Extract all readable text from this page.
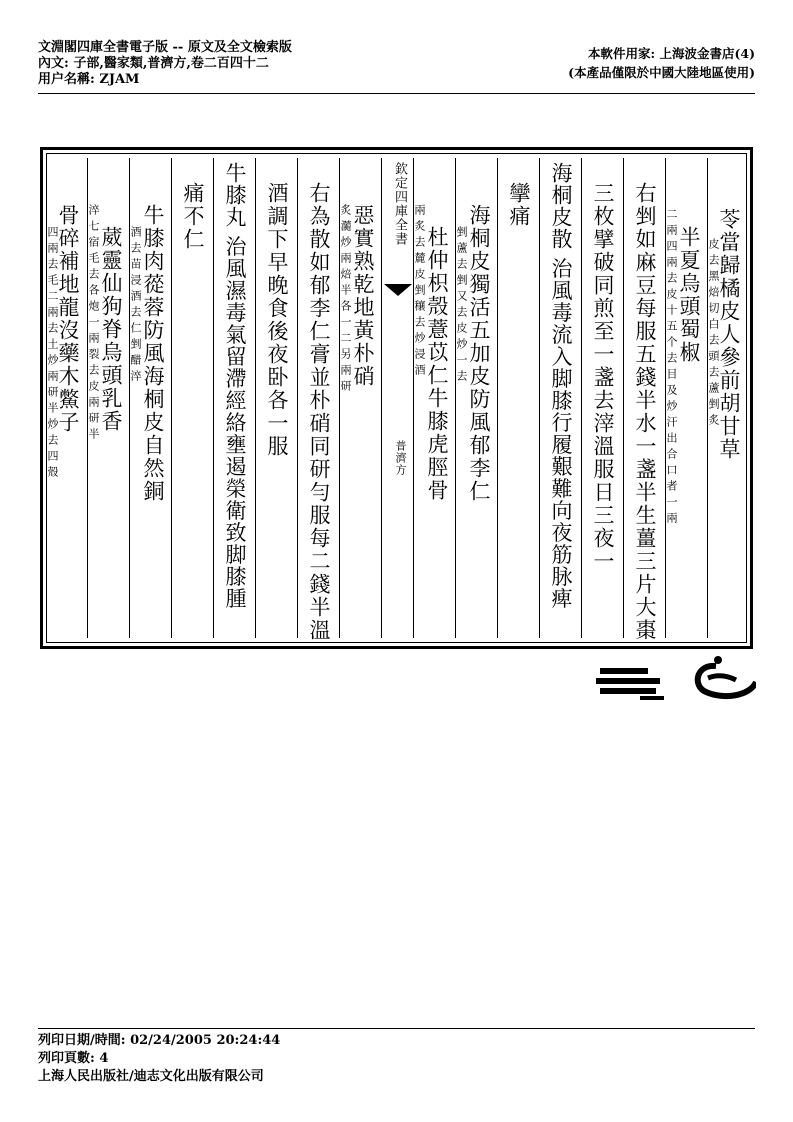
文淵閣四庫全書電子版 -- 原文及全文檢索版
內文: 子部,醫家類,普濟方,卷二百四十二
用户名稱: ZJAM
本軟件用家: 上海波金書店(4)
(本產品僅限於中國大陸地區使用)
苓當歸橘皮人參前胡甘草
皮去黑焙切白去頭去蘆剉炙
半夏烏頭蜀椒
二兩四兩去皮十五个去目及炒汗出合口者一兩
右剉如麻豆每服五錢半水一盞半生薑三片大棗
三枚擘破同煎至一盞去滓溫服日三夜一
海桐皮散 治風毒流入脚膝行履艱難向夜筋脉痺
攣痛
海桐皮獨活五加皮防風郁李仁
剉蘆去剉又去皮炒一去
杜仲枳殼薏苡仁牛膝虎脛骨
兩炙去麓皮剉穰去炒浸酒
欽定四庫全書
普濟方
惡實熟乾地黃朴硝
炙瀡炒兩焙半各一二另兩研
右為散如郁李仁膏並朴硝同研勻服每二錢半溫
酒調下早晚食後夜卧各一服
牛膝丸 治風濕毒氣留滯經絡壅遏榮衛致脚膝腫
痛不仁
牛膝肉蓯蓉防風海桐皮自然銅
酒去苗浸酒去仁剉醋淬
葳靈仙狗脊烏頭乳香
淬七宿毛去各炮一兩裂去皮兩研半
骨碎補地龍沒藥木鱉子
四兩去毛二兩去土炒兩研半炒去四殼
列印日期/時間: 02/24/2005 20:24:44
列印頁數: 4
上海人民出版社/迪志文化出版有限公司
